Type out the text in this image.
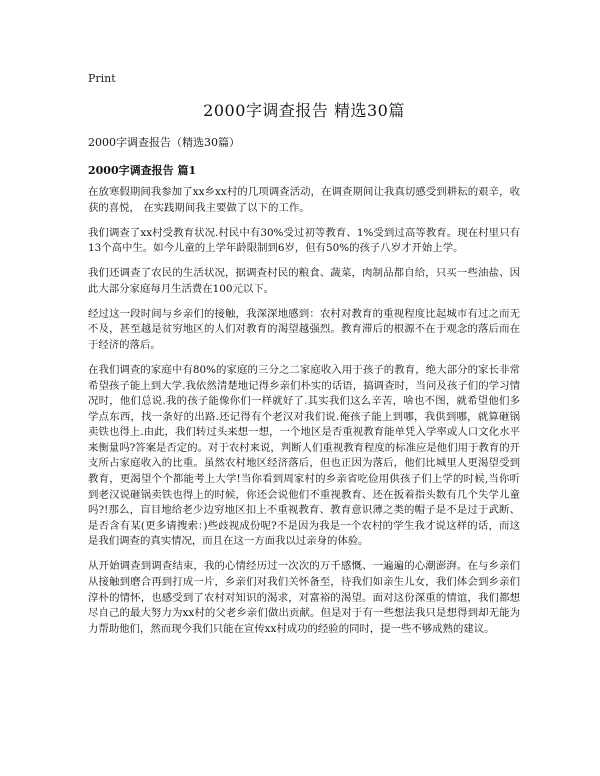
Print
2000字调查报告 精选30篇

2000字调查报告（精选30篇）

2000字调查报告 篇1

在放寒假期间我参加了xx乡xx村的几项调查活动，在调查期间让我真切感受到耕耘的艰辛，收获的喜悦， 在实践期间我主要做了以下的工作。

我们调查了xx村受教育状况.村民中有30%受过初等教育、1%受到过高等教育。现在村里只有13个高中生。如今儿童的上学年龄限制到6岁，但有50%的孩子八岁才开始上学。

我们还调查了农民的生活状况，据调查村民的粮食、蔬菜，肉制品都自给，只买一些油盐、因此大部分家庭每月生活费在100元以下。

经过这一段时间与乡亲们的接触，我深深地感到：农村对教育的重视程度比起城市有过之而无不及，甚至越是贫穷地区的人们对教育的渴望越强烈。教育滞后的根源不在于观念的落后而在于经济的落后。

在我们调查的家庭中有80%的家庭的三分之二家庭收入用于孩子的教育，绝大部分的家长非常希望孩子能上到大学.我依然清楚地记得乡亲们朴实的话语，搞调查时，当问及孩子们的学习情况时，他们总说.我的孩子能像你们一样就好了.其实我们这么辛苦，啥也不图，就希望他们多学点东西，找一条好的出路.还记得有个老汉对我们说.俺孩子能上到哪，我供到哪，就算砸锅卖铁也得上.由此，我们转过头来想一想，一个地区是否重视教育能单凭入学率或人口文化水平来衡量吗?答案是否定的。对于农村来说，判断人们重视教育程度的标准应是他们用于教育的开支所占家庭收入的比重。虽然农村地区经济落后，但也正因为落后，他们比城里人更渴望受到教育，更渴望个个都能考上大学!当你看到周家村的乡亲省吃俭用供孩子们上学的时候,当你听到老汉说砸锅卖铁也得上的时候，你还会说他们不重视教育、还在扳着指头数有几个失学儿童吗?!那么，盲目地给老少边穷地区扣上不重视教育、教育意识薄之类的帽子是不是过于武断、是否含有某(更多请搜索：)些歧视成份呢?不是因为我是一个农村的学生我才说这样的话，而这是我们调查的真实情况，而且在这一方面我以过亲身的体验。

从开始调查到调查结束，我的心情经历过一次次的万千感慨、一遍遍的心潮澎湃。在与乡亲们从接触到磨合再到打成一片，乡亲们对我们关怀备至，待我们如亲生儿女，我们体会到乡亲们淳朴的情怀，也感受到了农村对知识的渴求，对富裕的渴望。面对这份深重的情谊，我们都想尽自己的最大努力为xx村的父老乡亲们做出贡献。但是对于有一些想法我只是想得到却无能为力帮助他们，然而现今我们只能在宣传xx村成功的经验的同时，提一些不够成熟的建议。
